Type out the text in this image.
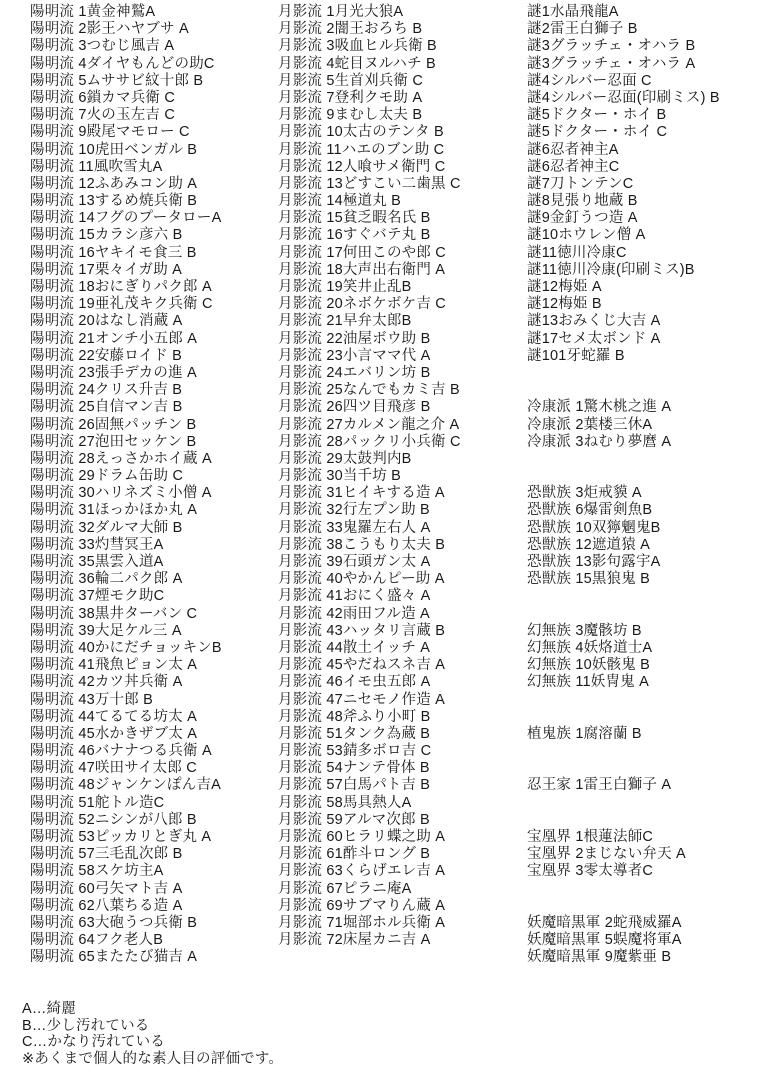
陽明流 1黄金神鷲A
陽明流 2影王ハヤブサ A
陽明流 3つむじ風吉 A
陽明流 4ダイヤもんどの助C
陽明流 5ムササビ紋十郎 B
陽明流 6鎖カマ兵衛 C
陽明流 7火の玉左吉 C
陽明流 9殿尾マモロー C
陽明流 10虎田ベンガル B
陽明流 11風吹雪丸A
陽明流 12ふあみコン助 A
陽明流 13するめ焼兵衛 B
陽明流 14フグのプータローA
陽明流 15カラシ彦六 B
陽明流 16ヤキイモ食三 B
陽明流 17栗々イガ助 A
陽明流 18おにぎりパク郎 A
陽明流 19亜礼茂キク兵衛 C
陽明流 20はなし消蔵 A
陽明流 21オンチ小五郎 A
陽明流 22安藤ロイド B
陽明流 23張手デカの進 A
陽明流 24クリス升吉 B
陽明流 25自信マン吉 B
陽明流 26固無パッチン B
陽明流 27泡田セッケン B
陽明流 28えっさかホイ蔵 A
陽明流 29ドラム缶助 C
陽明流 30ハリネズミ小僧 A
陽明流 31ほっかほか丸 A
陽明流 32ダルマ大師 B
陽明流 33灼彗冥王A
陽明流 35黒雲入道A
陽明流 36輪二パク郎 A
陽明流 37煙モク助C
陽明流 38黒井ターバン C
陽明流 39大足ケル三 A
陽明流 40かにだチョッキンB
陽明流 41飛魚ピョン太 A
陽明流 42カツ丼兵衛 A
陽明流 43万十郎 B
陽明流 44てるてる坊太 A
陽明流 45水かきザブ太 A
陽明流 46バナナつる兵衛 A
陽明流 47咲田サイ太郎 C
陽明流 48ジャンケンぽん吉A
陽明流 51舵トル造C
陽明流 52ニシンが八郎 B
陽明流 53ピッカリとぎ丸 A
陽明流 57三毛乱次郎 B
陽明流 58スケ坊主A
陽明流 60弓矢マト吉 A
陽明流 62八葉ちる造 A
陽明流 63大砲うつ兵衛 B
陽明流 64フク老人B
陽明流 65またたび猫吉 A
月影流 1月光大狼A
月影流 2闇王おろち B
月影流 3吸血ヒル兵衛 B
月影流 4蛇目ヌルハチ B
月影流 5生首刈兵衛 C
月影流 7登利クモ助 A
月影流 9まむし太夫 B
月影流 10太古のテンタ B
月影流 11ハエのブン助 C
月影流 12人喰サメ衛門 C
月影流 13どすこい二歯黒 C
月影流 14極道丸 B
月影流 15貧乏暇名氏 B
月影流 16すぐバテ丸 B
月影流 17何田このや郎 C
月影流 18大声出右衛門 A
月影流 19笑井止乱B
月影流 20ネボケボケ吉 C
月影流 21早弁太郎B
月影流 22油屋ボウ助 B
月影流 23小言ママ代 A
月影流 24エバリン坊 B
月影流 25なんでもカミ吉 B
月影流 26四ツ目飛彦 B
月影流 27カルメン龍之介 A
月影流 28パックリ小兵衛 C
月影流 29太鼓判内B
月影流 30当千坊 B
月影流 31ヒイキする造 A
月影流 32行左プン助 B
月影流 33鬼羅左右人 A
月影流 38こうもり太夫 B
月影流 39石頭ガン太 A
月影流 40やかんピー助 A
月影流 41おにく盛々 A
月影流 42雨田フル造 A
月影流 43ハッタリ言蔵 B
月影流 44散土イッチ A
月影流 45やだねスネ吉 A
月影流 46イモ虫五郎 A
月影流 47ニセモノ作造 A
月影流 48斧ふり小町 B
月影流 51タンク為蔵 B
月影流 53錆多ボロ吉 C
月影流 54ナンテ骨体 B
月影流 57白馬パト吉 B
月影流 58馬具熱人A
月影流 59アルマ次郎 B
月影流 60ヒラリ蝶之助 A
月影流 61酢斗ロング B
月影流 63くらげエレ吉 A
月影流 67ピラニ庵A
月影流 69サブマりん蔵 A
月影流 71堀部ホル兵衛 A
月影流 72床屋カニ吉 A
謎1水晶飛龍A
謎2雷王白獅子 B
謎3グラッチェ・オハラ B
謎3グラッチェ・オハラ A
謎4シルバー忍面 C
謎4シルバー忍面(印刷ミス) B
謎5ドクター・ホイ B
謎5ドクター・ホイ C
謎6忍者神主A
謎6忍者神主C
謎7刀トンテンC
謎8見張り地蔵 B
謎9金釘うつ造 A
謎10ホウレン僧 A
謎11徳川冷康C
謎11徳川冷康(印刷ミス)B
謎12梅姫 A
謎12梅姫 B
謎13おみくじ大吉 A
謎17セメ太ボンド A
謎101牙蛇羅 B
冷康派 1驚木桃之進 A
冷康派 2葉楼三休A
冷康派 3ねむり夢麿 A
恐獣族 3炬戒貘 A
恐獣族 6爆雷剣魚B
恐獣族 10双獰魍鬼B
恐獣族 12遮道猿 A
恐獣族 13影句露宇A
恐獣族 15黒狼鬼 B
幻無族 3魔骸坊 B
幻無族 4妖烙道士A
幻無族 10妖骸鬼 B
幻無族 11妖冑鬼 A
植鬼族 1腐溶蘭 B
忍王家 1雷王白獅子 A
宝凰界 1根蓮法師C
宝凰界 2まじない弁天 A
宝凰界 3零太導者C
妖魔暗黒軍 2蛇飛威羅A
妖魔暗黒軍 5蜈魔将軍A
妖魔暗黒軍 9魔紫亜 B
A…綺麗
B…少し汚れている
C…かなり汚れている
※あくまで個人的な素人目の評価です。
